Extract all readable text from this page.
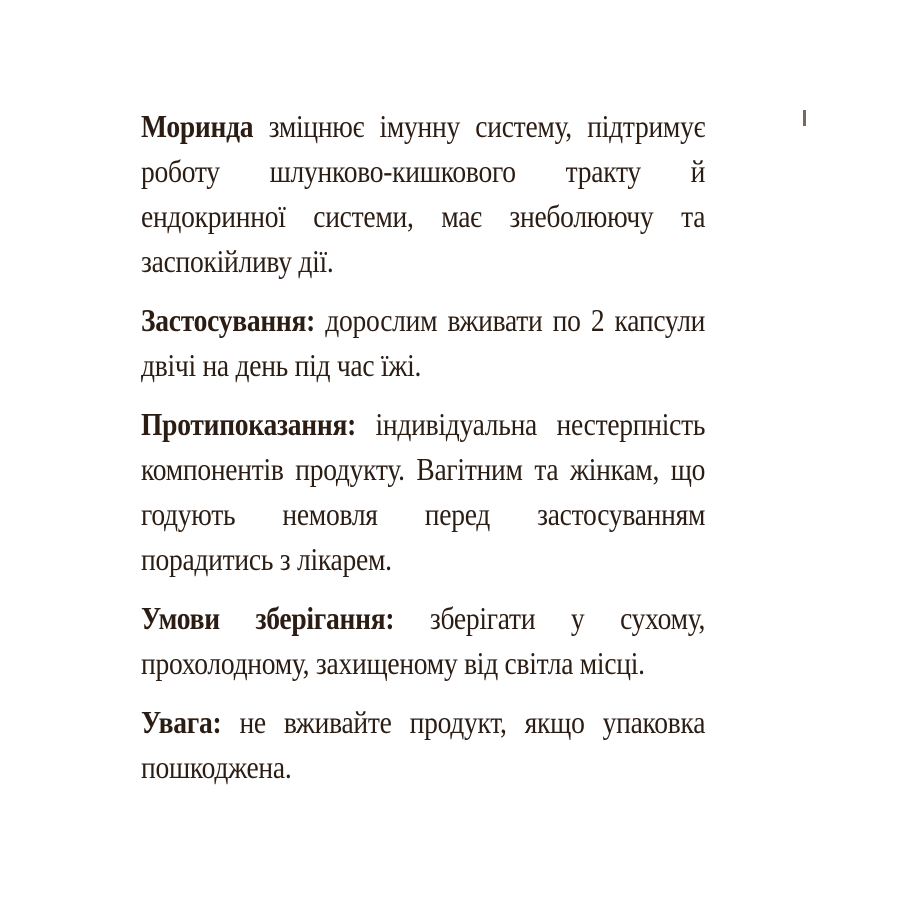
Моринда зміцнює імунну систему, підтримує роботу шлунково-кишкового тракту й ендокринної системи, має знеболюючу та заспокійливу дії.

Застосування: дорослим вживати по 2 капсули двічі на день під час їжі.

Протипоказання: індивідуальна нестерпність компонентів продукту. Вагітним та жінкам, що годують немовля перед застосуванням порадитись з лікарем.

Умови зберігання: зберігати у сухому, прохолодному, захищеному від світла місці.

Увага: не вживайте продукт, якщо упаковка пошкоджена.
